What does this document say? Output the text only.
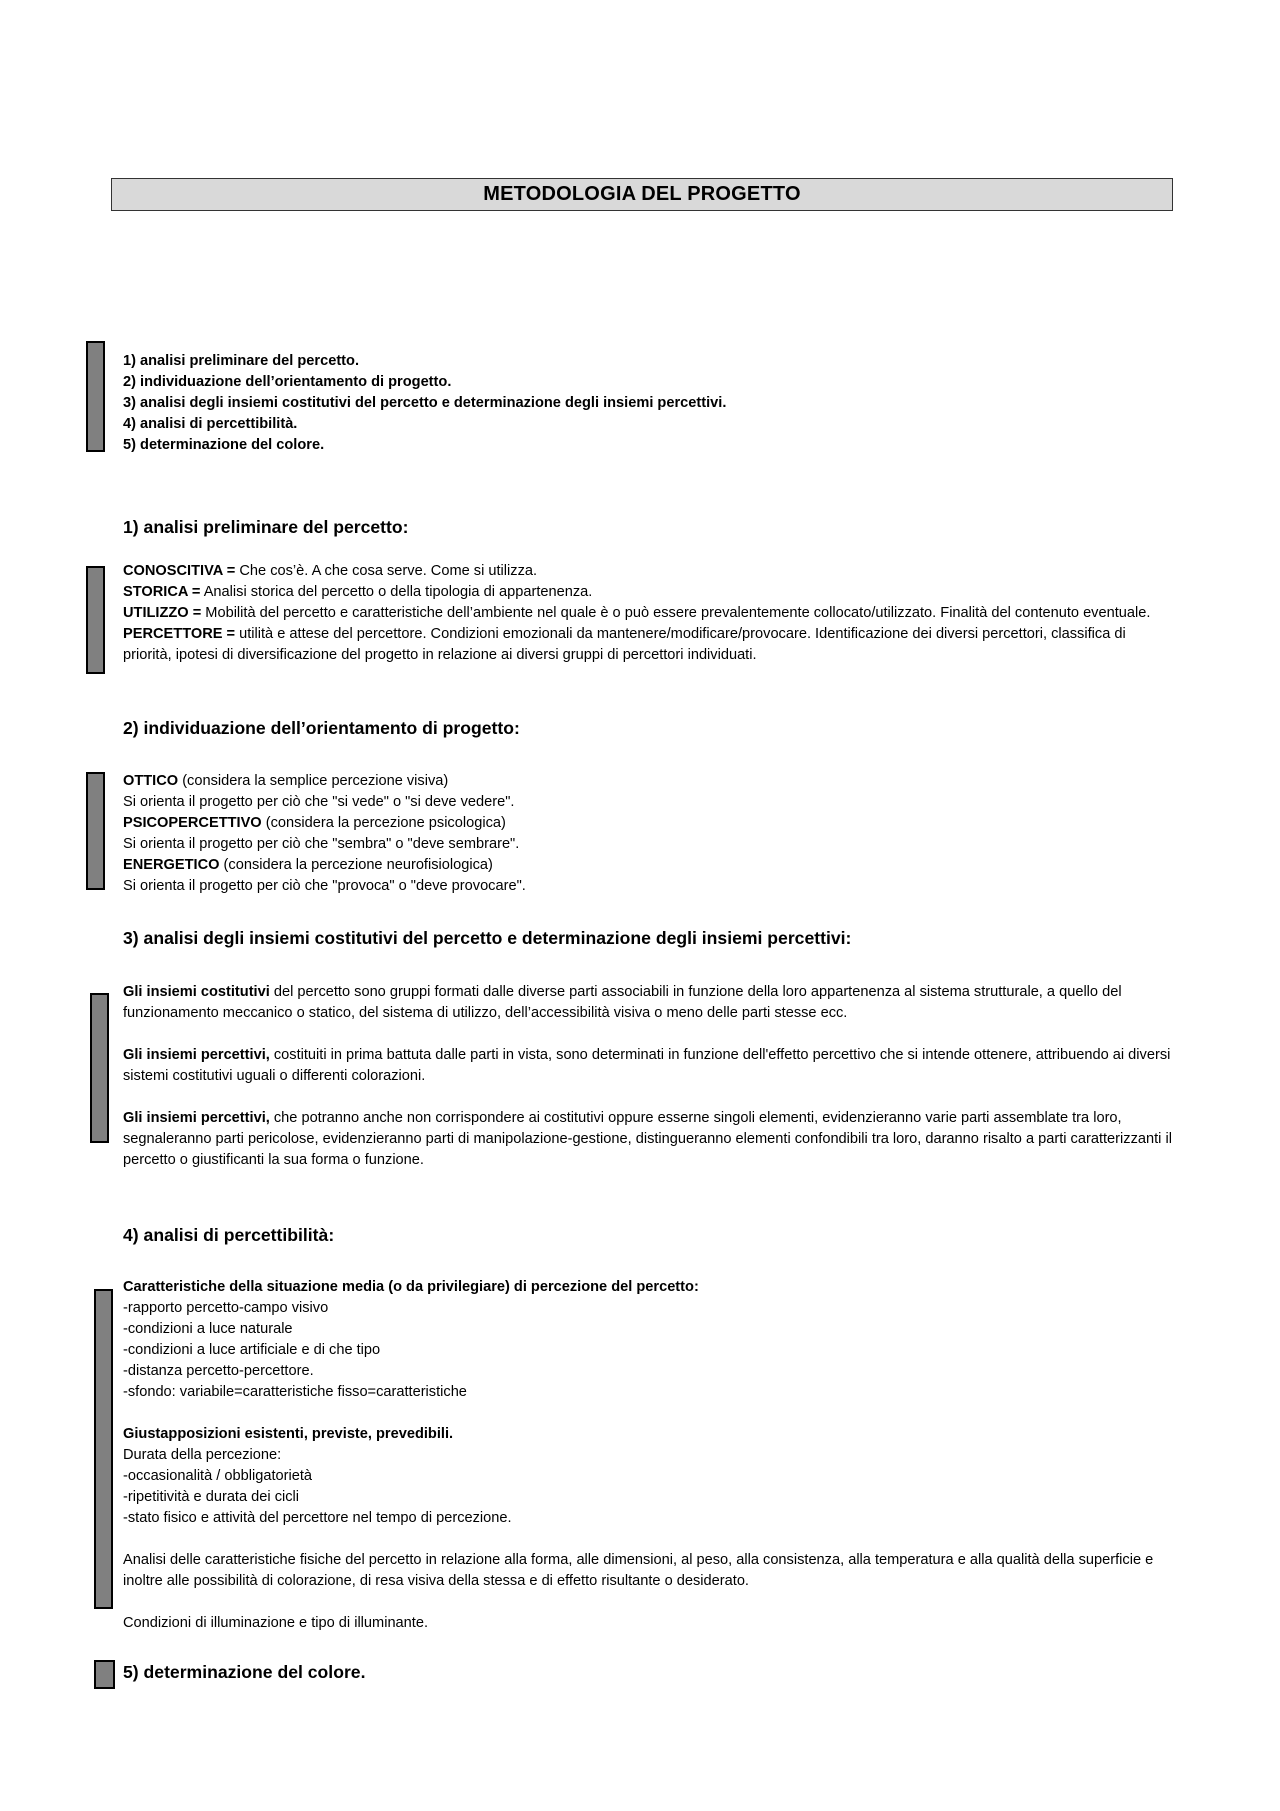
METODOLOGIA DEL PROGETTO
1) analisi preliminare del percetto.
2) individuazione dell’orientamento di progetto.
3) analisi degli insiemi costitutivi del percetto e determinazione degli insiemi percettivi.
4) analisi di percettibilità.
5) determinazione del colore.
1) analisi preliminare del percetto:
CONOSCITIVA = Che cos’è. A che cosa serve. Come si utilizza.
STORICA = Analisi storica del percetto o della tipologia di appartenenza.
UTILIZZO = Mobilità del percetto e caratteristiche dell’ambiente nel quale è o può essere prevalentemente collocato/utilizzato. Finalità del contenuto eventuale.
PERCETTORE = utilità e attese del percettore. Condizioni emozionali da mantenere/modificare/provocare. Identificazione dei diversi percettori, classifica di priorità, ipotesi di diversificazione del progetto in relazione ai diversi gruppi di percettori individuati.
2) individuazione dell’orientamento di progetto:
OTTICO (considera la semplice percezione visiva)
Si orienta il progetto per ciò che "si vede" o "si deve vedere".
PSICOPERCETTIVO (considera la percezione psicologica)
Si orienta il progetto per ciò che "sembra" o "deve sembrare".
ENERGETICO (considera la percezione neurofisiologica)
Si orienta il progetto per ciò che "provoca" o "deve provocare".
3) analisi degli insiemi costitutivi del percetto e determinazione degli insiemi percettivi:
Gli insiemi costitutivi del percetto sono gruppi formati dalle diverse parti associabili in funzione della loro appartenenza al sistema strutturale, a quello del funzionamento meccanico o statico, del sistema di utilizzo, dell’accessibilità visiva o meno delle parti stesse ecc.
Gli insiemi percettivi, costituiti in prima battuta dalle parti in vista, sono determinati in funzione dell'effetto percettivo che si intende ottenere, attribuendo ai diversi sistemi costitutivi uguali o differenti colorazioni.
Gli insiemi percettivi, che potranno anche non corrispondere ai costitutivi oppure esserne singoli elementi, evidenzieranno varie parti assemblate tra loro, segnaleranno parti pericolose, evidenzieranno parti di manipolazione-gestione, distingueranno elementi confondibili tra loro, daranno risalto a parti caratterizzanti il percetto o giustificanti la sua forma o funzione.
4) analisi di percettibilità:
Caratteristiche della situazione media (o da privilegiare) di percezione del percetto:
-rapporto percetto-campo visivo
-condizioni a luce naturale
-condizioni a luce artificiale e di che tipo
-distanza percetto-percettore.
-sfondo: variabile=caratteristiche fisso=caratteristiche
Giustapposizioni esistenti, previste, prevedibili.
Durata della percezione:
-occasionalità / obbligatorietà
-ripetitività e durata dei cicli
-stato fisico e attività del percettore nel tempo di percezione.
Analisi delle caratteristiche fisiche del percetto in relazione alla forma, alle dimensioni, al peso, alla consistenza, alla temperatura e alla qualità della superficie e inoltre alle possibilità di colorazione, di resa visiva della stessa e di effetto risultante o desiderato.
Condizioni di illuminazione e tipo di illuminante.
5) determinazione del colore.
